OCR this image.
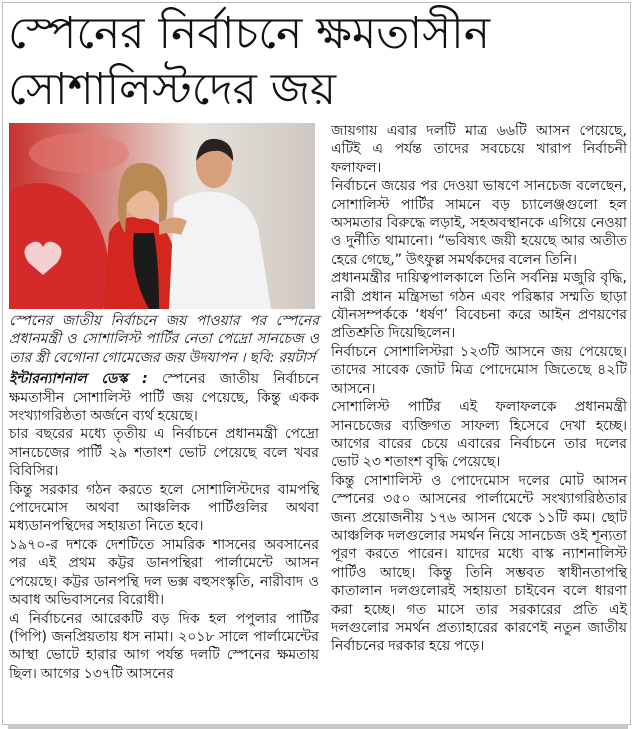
স্পেনের নির্বাচনে ক্ষমতাসীন
সোশালিস্টদের জয়

স্পেনের জাতীয় নির্বাচনে জয় পাওয়ার পর স্পেনের প্রধানমন্ত্রী ও সোশালিস্ট পার্টির নেতা পেদ্রো সানচেজ ও তার স্ত্রী বেগোনা গোমেজের জয় উদযাপন । ছবি: রয়টার্স

ইন্টারন্যাশনাল ডেস্ক : স্পেনের জাতীয় নির্বাচনে ক্ষমতাসীন সোশালিস্ট পার্টি জয় পেয়েছে, কিন্তু একক সংখ্যাগরিষ্ঠতা অর্জনে ব্যর্থ হয়েছে।

চার বছরের মধ্যে তৃতীয় এ নির্বাচনে প্রধানমন্ত্রী পেদ্রো সানচেজের পার্টি ২৯ শতাংশ ভোট পেয়েছে বলে খবর বিবিসির।

কিন্তু সরকার গঠন করতে হলে সোশালিস্টদের বামপন্থি পোদেমোস অথবা আঞ্চলিক পার্টিগুলির অথবা মধ্যডানপন্থিদের সহায়তা নিতে হবে।

১৯৭০-র দশকে দেশটিতে সামরিক শাসনের অবসানের পর এই প্রথম কট্টর ডানপন্থিরা পার্লামেন্টে আসন পেয়েছে। কট্টর ডানপন্থি দল ভক্স বহুসংস্কৃতি, নারীবাদ ও অবাধ অভিবাসনের বিরোধী।

এ নির্বাচনের আরেকটি বড় দিক হল পপুলার পার্টির (পিপি) জনপ্রিয়তায় ধস নামা। ২০১৮ সালে পার্লামেন্টের আস্থা ভোটে হারার আগ পর্যন্ত দলটি স্পেনের ক্ষমতায় ছিল। আগের ১৩৭টি আসনের

জায়গায় এবার দলটি মাত্র ৬৬টি আসন পেয়েছে, এটিই এ পর্যন্ত তাদের সবচেয়ে খারাপ নির্বাচনী ফলাফল।

নির্বাচনে জয়ের পর দেওয়া ভাষণে সানচেজ বলেছেন, সোশালিস্ট পার্টির সামনে বড় চ্যালেঞ্জগুলো হল অসমতার বিরুদ্ধে লড়াই, সহঅবস্থানকে এগিয়ে নেওয়া ও দুর্নীতি থামানো। “ভবিষ্যৎ জয়ী হয়েছে আর অতীত হেরে গেছে,” উৎফুল্ল সমর্থকদের বলেন তিনি।

প্রধানমন্ত্রীর দায়িত্বপালকালে তিনি সর্বনিম্ন মজুরি বৃদ্ধি, নারী প্রধান মন্ত্রিসভা গঠন এবং পরিষ্কার সম্মতি ছাড়া যৌনসম্পর্ককে ‘ধর্ষণ’ বিবেচনা করে আইন প্রণয়ণের প্রতিশ্রুতি দিয়েছিলেন।

নির্বাচনে সোশালিস্টরা ১২৩টি আসনে জয় পেয়েছে। তাদের সাবেক জোট মিত্র পোদেমোস জিতেছে ৪২টি আসনে।

সোশালিস্ট পার্টির এই ফলাফলকে প্রধানমন্ত্রী সানচেজের ব্যক্তিগত সাফল্য হিসেবে দেখা হচ্ছে। আগের বারের চেয়ে এবারের নির্বাচনে তার দলের ভোট ২৩ শতাংশ বৃদ্ধি পেয়েছে।

কিন্তু সোশালিস্ট ও পোদেমোস দলের মোট আসন স্পেনের ৩৫০ আসনের পার্লামেন্টে সংখ্যাগরিষ্ঠতার জন্য প্রয়োজনীয় ১৭৬ আসন থেকে ১১টি কম। ছোট আঞ্চলিক দলগুলোর সমর্থন নিয়ে সানচেজ ওই শূন্যতা পূরণ করতে পারেন। যাদের মধ্যে বাস্ক ন্যাশনালিস্ট পার্টিও আছে। কিন্তু তিনি সম্ভবত স্বাধীনতাপন্থি কাতালান দলগুলোরই সহায়তা চাইবেন বলে ধারণা করা হচ্ছে। গত মাসে তার সরকারের প্রতি এই দলগুলোর সমর্থন প্রত্যাহারের কারণেই নতুন জাতীয় নির্বাচনের দরকার হয়ে পড়ে।
